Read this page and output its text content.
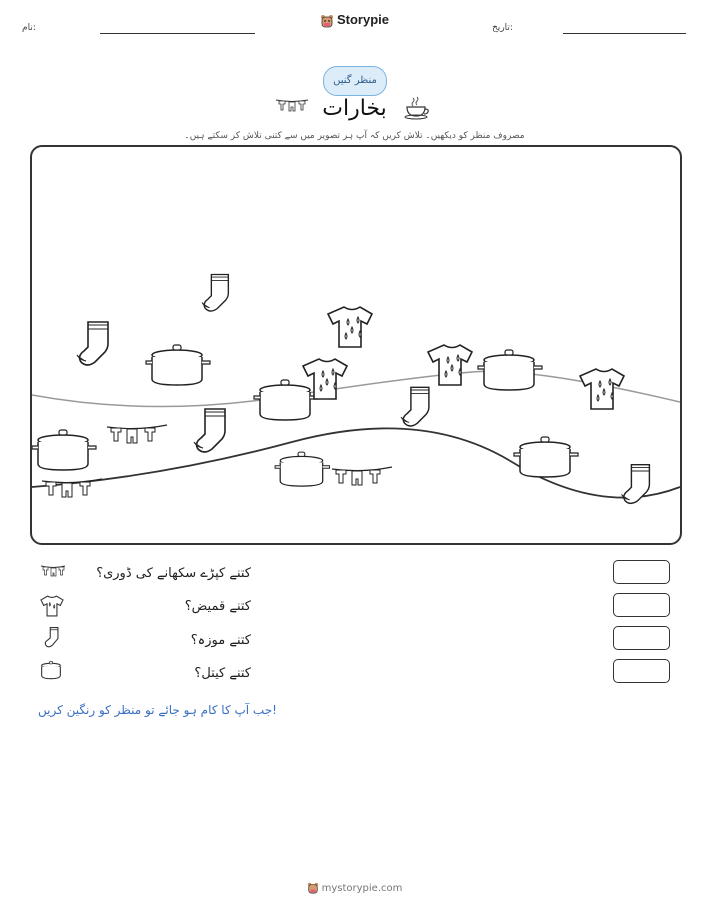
نام:	تاریخ:
Storypie
منظر گنیں
بخارات
مصروف منظر کو دیکھیں۔ تلاش کریں کہ آپ ہر تصویر میں سے کتنی تلاش کر سکتے ہیں۔
کتنے کپڑے سکھانے کی ڈوری؟
کتنے قمیض؟
کتنے موزہ؟
کتنے کیتل؟
جب آپ کا کام ہو جائے تو منظر کو رنگین کریں!
mystorypie.com
